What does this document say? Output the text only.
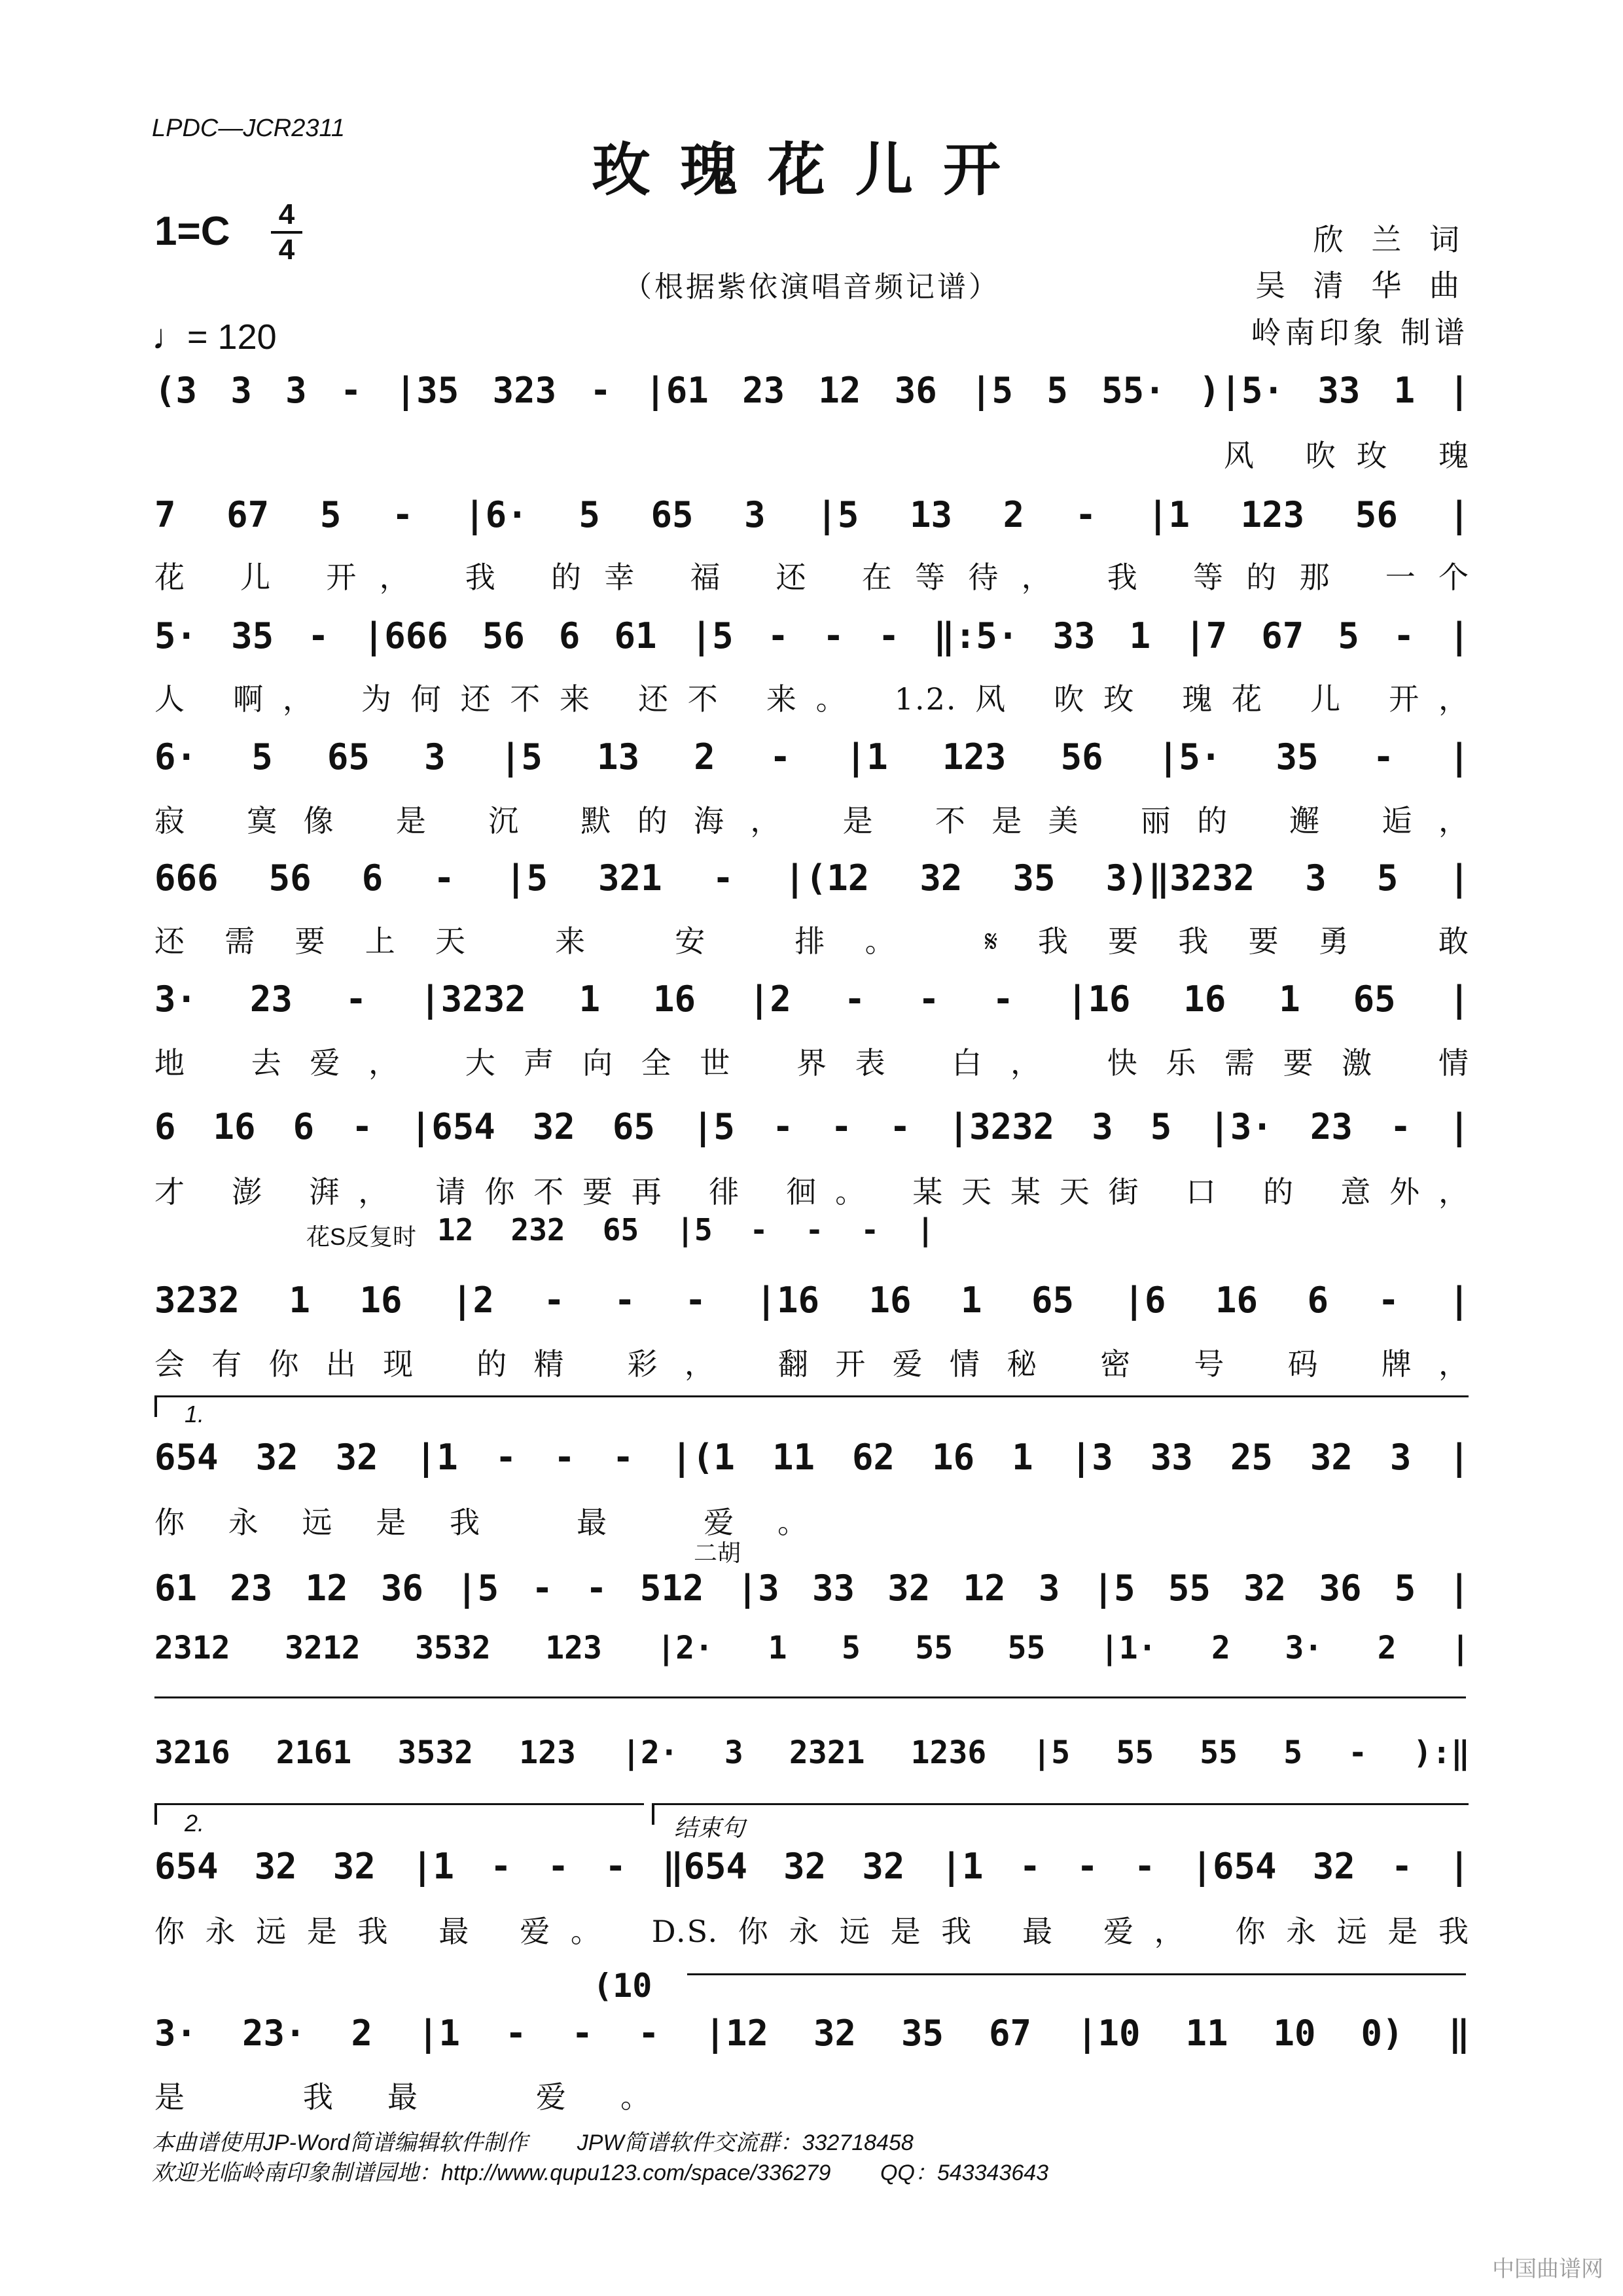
LPDC—JCR2311
玫瑰花儿开
1=C	4
4	欣 兰 词
吴 清 华 曲
岭南印象 制谱
（根据紫依演唱音频记谱）
♩= 120
(3 3 3 - |35 323 - |61 23 12 36 |5 5 55· )|5· 33 1 |
风 吹玫 瑰
7 67 5 - |6· 5 65 3 |5 13 2 - |1 123 56 |
花 儿 开， 我 的幸 福 还 在等待， 我 等的那 一个
5· 35 - |666 56 6 61 |5 - - - ‖:5· 33 1 |7 67 5 - |
人 啊， 为何还不来 还不 来。 1.2.风 吹玫 瑰花 儿 开，
6· 5 65 3 |5 13 2 - |1 123 56 |5· 35 - |
寂 寞像 是 沉 默的海， 是 不是美 丽的 邂 逅，
666 56 6 - |5 321 - |(12 32 35 3)‖3232 3 5 |
还需要上天 来 安 排。 𝄋我要我要勇 敢
3· 23 - |3232 1 16 |2 - - - |16 16 1 65 |
地 去爱， 大声向全世 界表 白， 快乐需要激 情
6 16 6 - |654 32 65 |5 - - - |3232 3 5 |3· 23 - |
才 澎 湃， 请你不要再 徘 徊。 某天某天街 口 的 意外，
花S反复时 12 232 65 |5 - - - |
3232 1 16 |2 - - - |16 16 1 65 |6 16 6 - |
会有你出现 的精 彩， 翻开爱情秘 密 号 码 牌，
1.
654 32 32 |1 - - - |(1 11 62 16 1 |3 33 25 32 3 |
你永远是我 最 爱。
二胡
61 23 12 36 |5 - - 512 |3 33 32 12 3 |5 55 32 36 5 |
2312 3212 3532 123 |2· 1 5 55 55 |1· 2 3· 2 |
3216 2161 3532 123 |2· 3 2321 1236 |5 55 55 5 - ):‖
2.	结束句
654 32 32 |1 - - - ‖654 32 32 |1 - - - |654 32 - |
你永远是我 最 爱。 D.S.你永远是我 最 爱， 你永远是我
(10
3· 23· 2 |1 - - - |12 32 35 67 |10 11 10 0) ‖
是 我最 爱。
本曲谱使用JP-Word简谱编辑软件制作        JPW简谱软件交流群：332718458
欢迎光临岭南印象制谱园地：http://www.qupu123.com/space/336279        QQ：543343643
中国曲谱网
